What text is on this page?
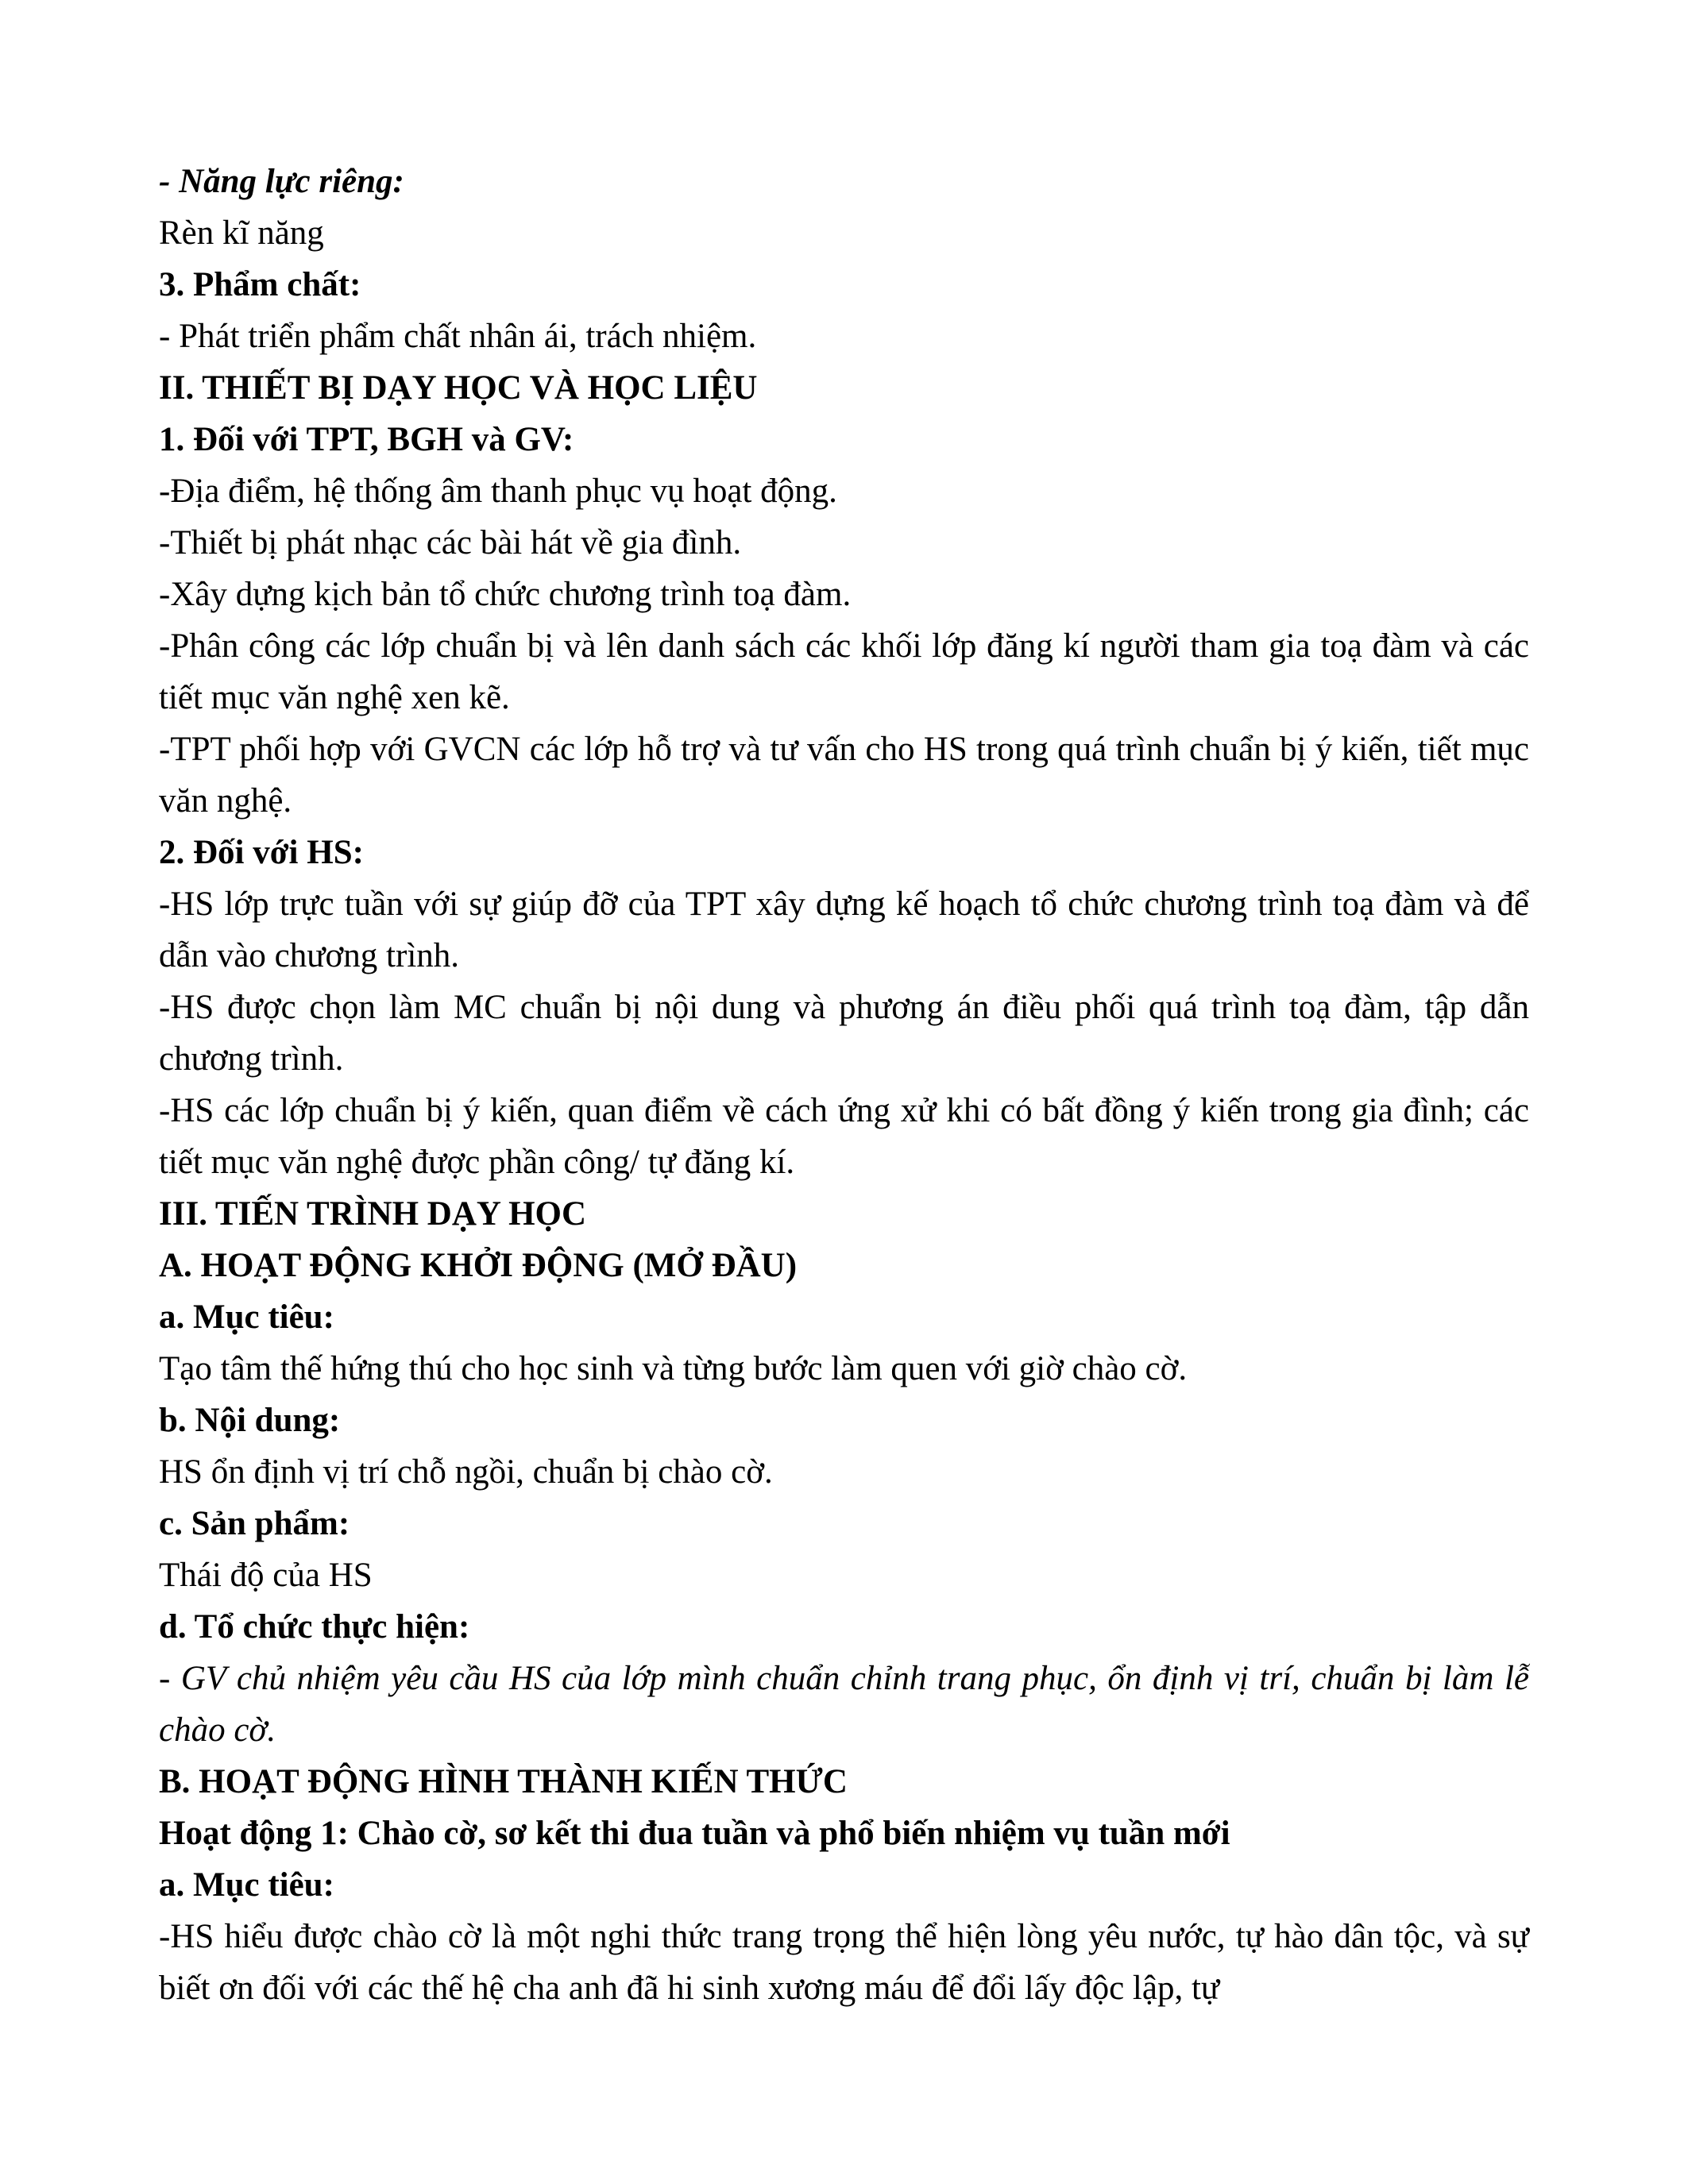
- Năng lực riêng:

Rèn kĩ năng

3. Phẩm chất:

- Phát triển phẩm chất nhân ái, trách nhiệm.

II. THIẾT BỊ DẠY HỌC VÀ HỌC LIỆU

1. Đối với TPT, BGH và GV:

-Địa điểm, hệ thống âm thanh phục vụ hoạt động.

-Thiết bị phát nhạc các bài hát về gia đình.

-Xây dựng kịch bản tổ chức chương trình toạ đàm.

-Phân công các lớp chuẩn bị và lên danh sách các khối lớp đăng kí người tham gia toạ đàm và các tiết mục văn nghệ xen kẽ.

-TPT phối hợp với GVCN các lớp hỗ trợ và tư vấn cho HS trong quá trình chuẩn bị ý kiến, tiết mục văn nghệ.

2. Đối với HS:

-HS lớp trực tuần với sự giúp đỡ của TPT xây dựng kế hoạch tổ chức chương trình toạ đàm và để dẫn vào chương trình.

-HS được chọn làm MC chuẩn bị nội dung và phương án điều phối quá trình toạ đàm, tập dẫn chương trình.

-HS các lớp chuẩn bị ý kiến, quan điểm về cách ứng xử khi có bất đồng ý kiến trong gia đình; các tiết mục văn nghệ được phần công/ tự đăng kí.

III. TIẾN TRÌNH DẠY HỌC

A. HOẠT ĐỘNG KHỞI ĐỘNG (MỞ ĐẦU)

a. Mục tiêu:

Tạo tâm thế hứng thú cho học sinh và từng bước làm quen với giờ chào cờ.

b. Nội dung:

HS ổn định vị trí chỗ ngồi, chuẩn bị chào cờ.

c. Sản phẩm:

Thái độ của HS

d. Tổ chức thực hiện:

- GV chủ nhiệm yêu cầu HS của lớp mình chuẩn chỉnh trang phục, ổn định vị trí, chuẩn bị làm lễ chào cờ.

B. HOẠT ĐỘNG HÌNH THÀNH KIẾN THỨC

Hoạt động 1: Chào cờ, sơ kết thi đua tuần và phổ biến nhiệm vụ tuần mới

a. Mục tiêu:

-HS hiểu được chào cờ là một nghi thức trang trọng thể hiện lòng yêu nước, tự hào dân tộc, và sự biết ơn đối với các thế hệ cha anh đã hi sinh xương máu để đổi lấy độc lập, tự
